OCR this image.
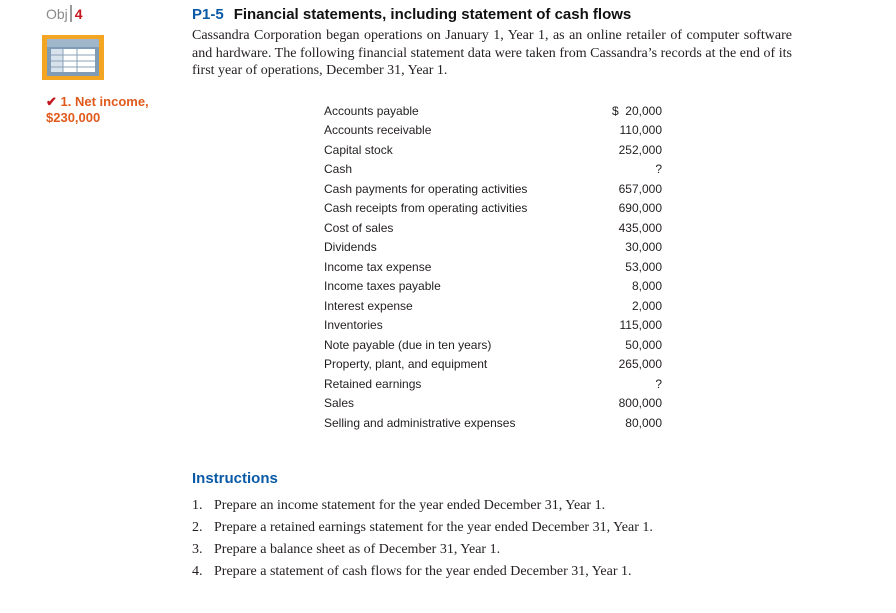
Obj 4
✔ 1. Net income,
$230,000
P1-5 Financial statements, including statement of cash flows
Cassandra Corporation began operations on January 1, Year 1, as an online retailer of computer software and hardware. The following financial statement data were taken from Cassandra’s records at the end of its first year of operations, December 31, Year 1.
Accounts payable	$  20,000
Accounts receivable	110,000
Capital stock	252,000
Cash	?
Cash payments for operating activities	657,000
Cash receipts from operating activities	690,000
Cost of sales	435,000
Dividends	30,000
Income tax expense	53,000
Income taxes payable	8,000
Interest expense	2,000
Inventories	115,000
Note payable (due in ten years)	50,000
Property, plant, and equipment	265,000
Retained earnings	?
Sales	800,000
Selling and administrative expenses	80,000
Instructions
1. Prepare an income statement for the year ended December 31, Year 1.
2. Prepare a retained earnings statement for the year ended December 31, Year 1.
3. Prepare a balance sheet as of December 31, Year 1.
4. Prepare a statement of cash flows for the year ended December 31, Year 1.
